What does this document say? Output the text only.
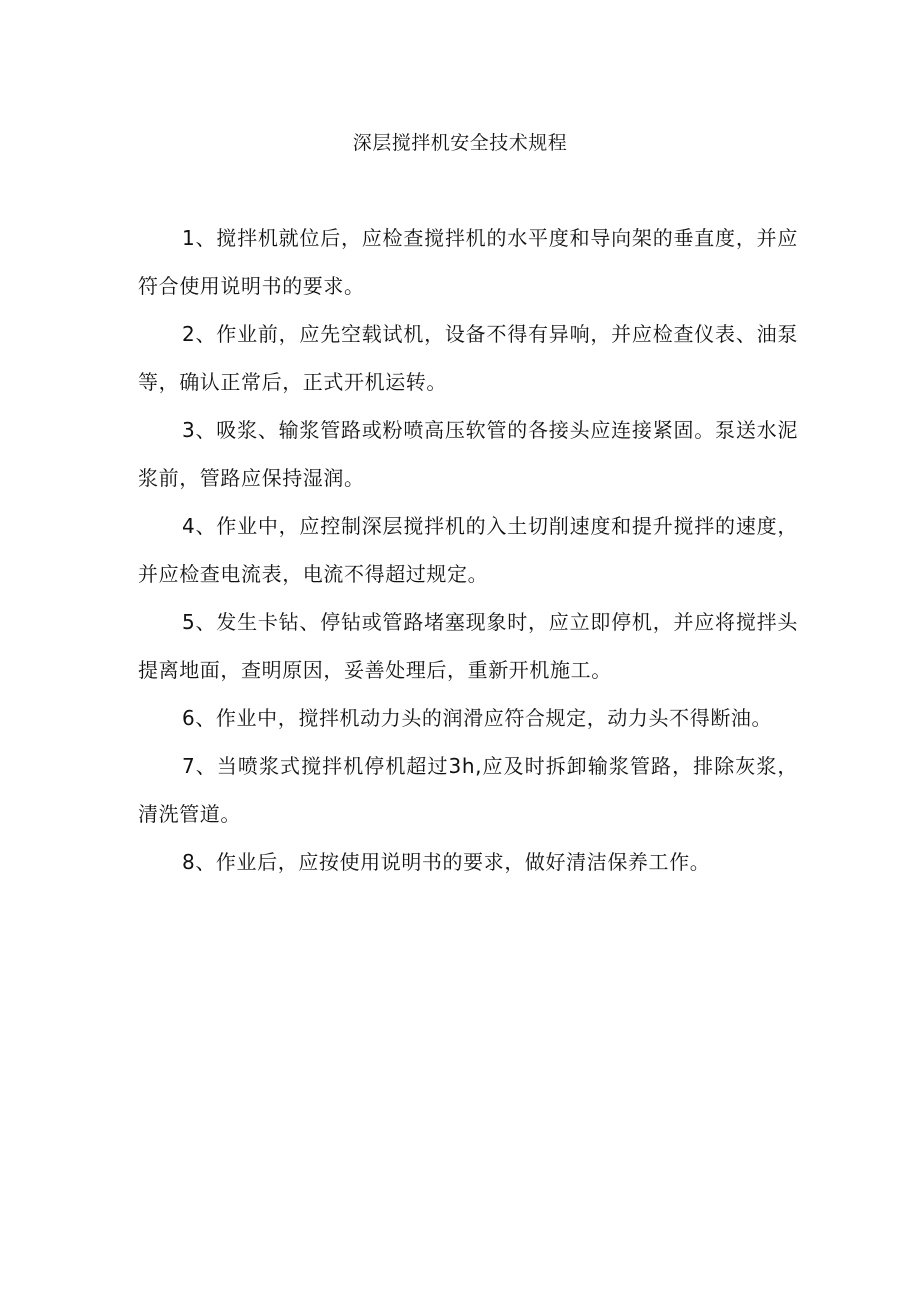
深层搅拌机安全技术规程

1、搅拌机就位后，应检查搅拌机的水平度和导向架的垂直度，并应符合使用说明书的要求。

2、作业前，应先空载试机，设备不得有异响，并应检查仪表、油泵等，确认正常后，正式开机运转。

3、吸浆、输浆管路或粉喷高压软管的各接头应连接紧固。泵送水泥浆前，管路应保持湿润。

4、作业中，应控制深层搅拌机的入土切削速度和提升搅拌的速度，并应检查电流表，电流不得超过规定。

5、发生卡钻、停钻或管路堵塞现象时，应立即停机，并应将搅拌头提离地面，查明原因，妥善处理后，重新开机施工。

6、作业中，搅拌机动力头的润滑应符合规定，动力头不得断油。

7、当喷浆式搅拌机停机超过3h,应及时拆卸输浆管路，排除灰浆，清洗管道。

8、作业后，应按使用说明书的要求，做好清洁保养工作。
